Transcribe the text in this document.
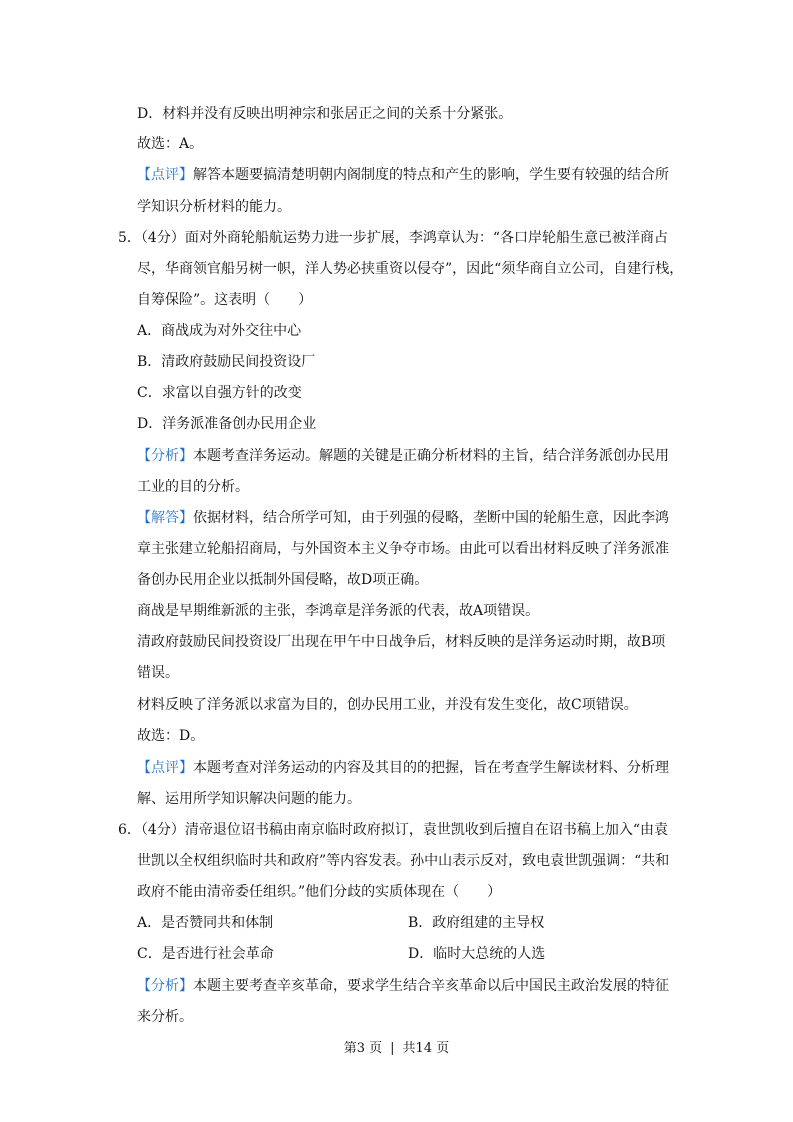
D．材料并没有反映出明神宗和张居正之间的关系十分紧张。
故选：A。
【点评】解答本题要搞清楚明朝内阁制度的特点和产生的影响，学生要有较强的结合所
学知识分析材料的能力。
5．（4分）面对外商轮船航运势力进一步扩展，李鸿章认为：“各口岸轮船生意已被洋商占
尽，华商领官船另树一帜，洋人势必挟重资以侵夺”，因此“须华商自立公司，自建行栈，
自筹保险”。这表明（　　）
A．商战成为对外交往中心
B．清政府鼓励民间投资设厂
C．求富以自强方针的改变
D．洋务派准备创办民用企业
【分析】本题考查洋务运动。解题的关键是正确分析材料的主旨，结合洋务派创办民用
工业的目的分析。
【解答】依据材料，结合所学可知，由于列强的侵略，垄断中国的轮船生意，因此李鸿
章主张建立轮船招商局，与外国资本主义争夺市场。由此可以看出材料反映了洋务派准
备创办民用企业以抵制外国侵略，故D项正确。
商战是早期维新派的主张，李鸿章是洋务派的代表，故A项错误。
清政府鼓励民间投资设厂出现在甲午中日战争后，材料反映的是洋务运动时期，故B项
错误。
材料反映了洋务派以求富为目的，创办民用工业，并没有发生变化，故C项错误。
故选：D。
【点评】本题考查对洋务运动的内容及其目的的把握，旨在考查学生解读材料、分析理
解、运用所学知识解决问题的能力。
6．（4分）清帝退位诏书稿由南京临时政府拟订，袁世凯收到后擅自在诏书稿上加入“由袁
世凯以全权组织临时共和政府”等内容发表。孙中山表示反对，致电袁世凯强调：“共和
政府不能由清帝委任组织。”他们分歧的实质体现在（　　）
A．是否赞同共和体制	B．政府组建的主导权
C．是否进行社会革命	D．临时大总统的人选
【分析】本题主要考查辛亥革命，要求学生结合辛亥革命以后中国民主政治发展的特征
来分析。
第3 页 | 共14 页
